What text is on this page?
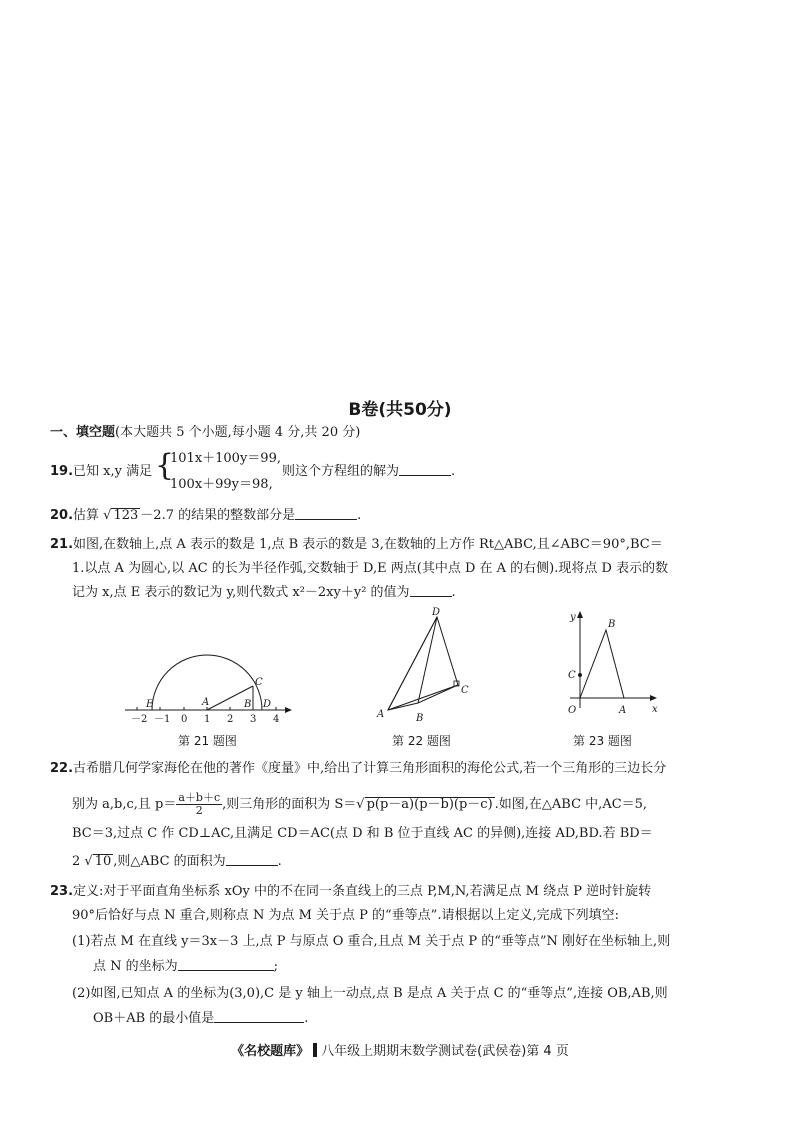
B卷(共50分)
一、填空题(本大题共 5 个小题,每小题 4 分,共 20 分)
19.已知 x,y 满足 {
101x＋100y＝99,
100x＋99y＝98,
则这个方程组的解为	.
20.估算 √ 123 －2.7 的结果的整数部分是	.
21.如图,在数轴上,点 A 表示的数是 1,点 B 表示的数是 3,在数轴的上方作 Rt△ABC,且∠ABC＝90°,BC＝
1.以点 A 为圆心,以 AC 的长为半径作弧,交数轴于 D,E 两点(其中点 D 在 A 的右侧).现将点 D 表示的数
记为 x,点 E 表示的数记为 y,则代数式 x²－2xy＋y² 的值为	.
－2 －1 0 1 2 3 4
E	A	B
C
D
第 21 题图
A	B
C
D
第 22 题图
y
x
O	A
B
C
第 23 题图
22.古希腊几何学家海伦在他的著作《度量》中,给出了计算三角形面积的海伦公式,若一个三角形的三边长分
别为 a,b,c,且 $p= \frac{a+b+c}{2}$ ,则三角形的面积为 S＝√ p(p－a)(p－b)(p－c) .如图,在△ABC 中,AC＝5,
BC＝3,过点 C 作 CD⊥AC,且满足 CD＝AC(点 D 和 B 位于直线 AC 的异侧),连接 AD,BD.若 BD＝
2 √ 10 ,则△ABC 的面积为	.
23.定义:对于平面直角坐标系 xOy 中的不在同一条直线上的三点 P,M,N,若满足点 M 绕点 P 逆时针旋转
90°后恰好与点 N 重合,则称点 N 为点 M 关于点 P 的“垂等点”.请根据以上定义,完成下列填空:
(1)若点 M 在直线 y＝3x－3 上,点 P 与原点 O 重合,且点 M 关于点 P 的“垂等点”N 刚好在坐标轴上,则
点 N 的坐标为	;
(2)如图,已知点 A 的坐标为(3,0),C 是 y 轴上一动点,点 B 是点 A 关于点 C 的“垂等点”,连接 OB,AB,则
OB＋AB 的最小值是	.
《名校题库》 八年级上期期末数学测试卷(武侯卷)第 4 页
